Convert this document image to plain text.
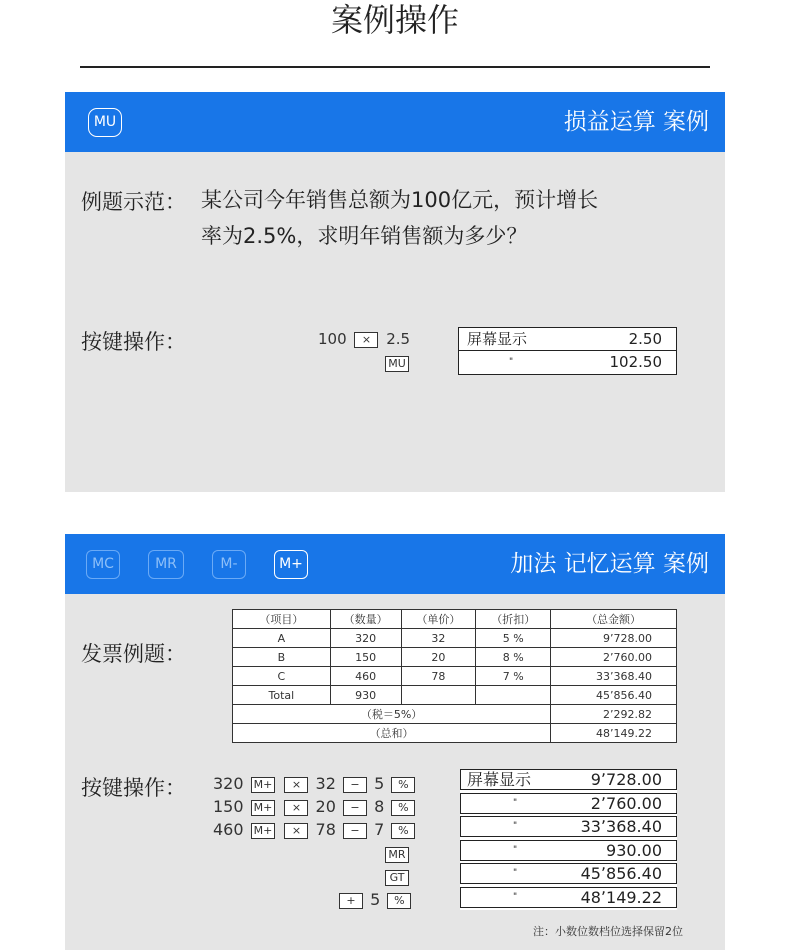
案例操作
MU	损益运算 案例
例题示范： 某公司今年销售总额为100亿元，预计增长
率为2.5%，求明年销售额为多少？
按键操作：	100 × 2.5
MU
屏幕显示	2.50
"	102.50
MC	MR	M-	M+	加法 记忆运算 案例
发票例题：
（项目）	（数量）	（单价）	（折扣）	（总金额）
A	320	32	5 %	9ʼ728.00
B	150	20	8 %	2ʼ760.00
C	460	78	7 %	33ʼ368.40
Total	930			45ʼ856.40
（税＝5%）				2ʼ292.82
（总和）				48ʼ149.22
按键操作： 320 M+ × 32 − 5 %
150 M+ × 20 − 8 %
460 M+ × 78 − 7 %
MR
GT
+ 5 %
屏幕显示	9ʼ728.00
"	2ʼ760.00
"	33ʼ368.40
"	930.00
"	45ʼ856.40
"	48ʼ149.22
注：小数位数档位选择保留2位
